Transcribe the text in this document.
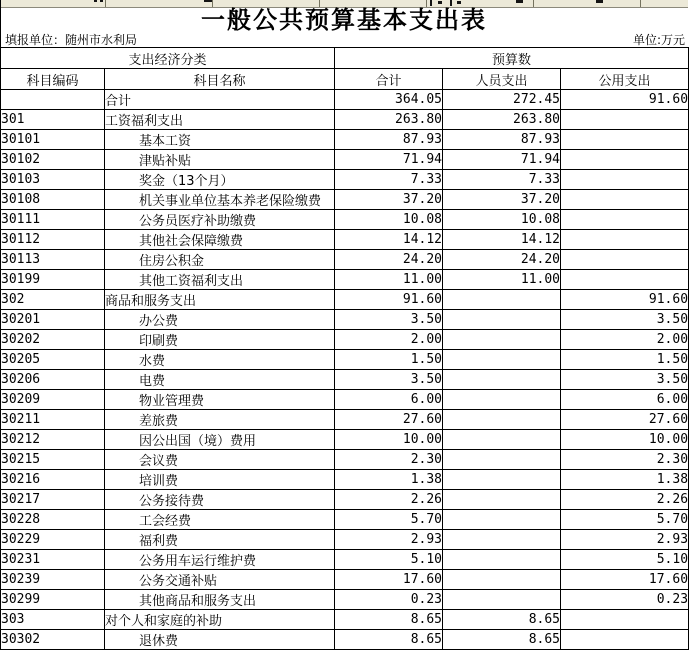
一般公共预算基本支出表
填报单位：随州市水利局	单位:万元
支出经济分类		预算数		
科目编码	科目名称	合计	人员支出	公用支出
	合计	364.05	272.45	91.60
301	工资福利支出	263.80	263.80	
30101	基本工资	87.93	87.93	
30102	津贴补贴	71.94	71.94	
30103	奖金（13个月）	7.33	7.33	
30108	机关事业单位基本养老保险缴费	37.20	37.20	
30111	公务员医疗补助缴费	10.08	10.08	
30112	其他社会保障缴费	14.12	14.12	
30113	住房公积金	24.20	24.20	
30199	其他工资福利支出	11.00	11.00	
302	商品和服务支出	91.60		91.60
30201	办公费	3.50		3.50
30202	印刷费	2.00		2.00
30205	水费	1.50		1.50
30206	电费	3.50		3.50
30209	物业管理费	6.00		6.00
30211	差旅费	27.60		27.60
30212	因公出国（境）费用	10.00		10.00
30215	会议费	2.30		2.30
30216	培训费	1.38		1.38
30217	公务接待费	2.26		2.26
30228	工会经费	5.70		5.70
30229	福利费	2.93		2.93
30231	公务用车运行维护费	5.10		5.10
30239	公务交通补贴	17.60		17.60
30299	其他商品和服务支出	0.23		0.23
303	对个人和家庭的补助	8.65	8.65	
30302	退休费	8.65	8.65	
